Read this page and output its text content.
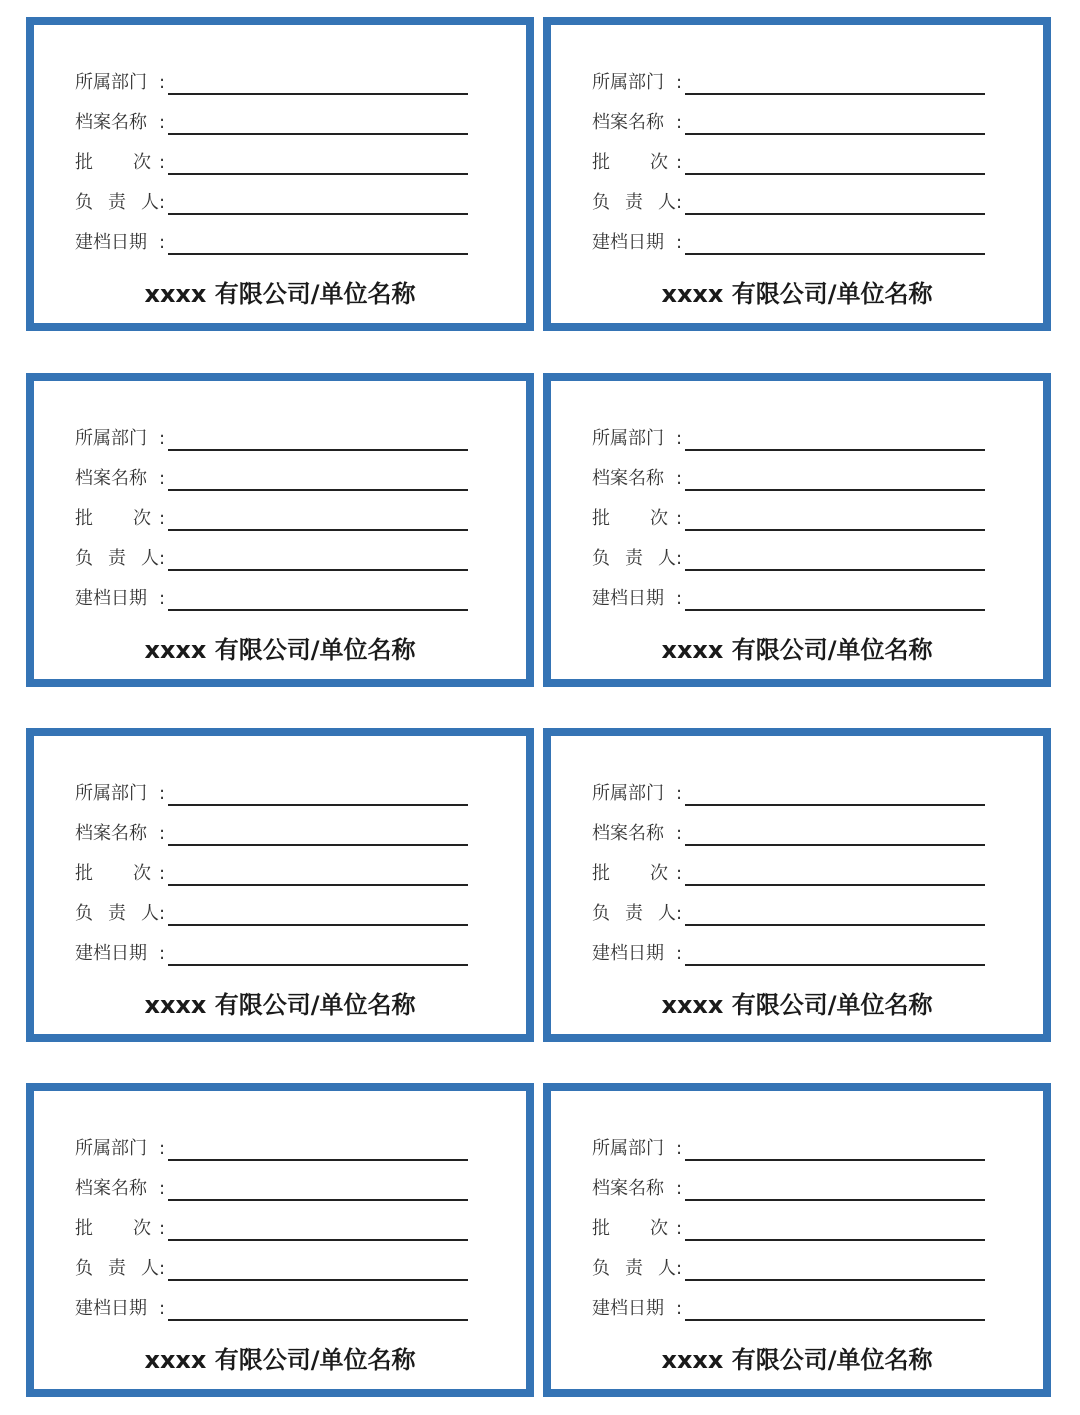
所属部门 :
档案名称 :
批 次 :
负 责 人 :
建档日期 :
xxxx 有限公司/单位名称
所属部门 :
档案名称 :
批 次 :
负 责 人 :
建档日期 :
xxxx 有限公司/单位名称
所属部门 :
档案名称 :
批 次 :
负 责 人 :
建档日期 :
xxxx 有限公司/单位名称
所属部门 :
档案名称 :
批 次 :
负 责 人 :
建档日期 :
xxxx 有限公司/单位名称
所属部门 :
档案名称 :
批 次 :
负 责 人 :
建档日期 :
xxxx 有限公司/单位名称
所属部门 :
档案名称 :
批 次 :
负 责 人 :
建档日期 :
xxxx 有限公司/单位名称
所属部门 :
档案名称 :
批 次 :
负 责 人 :
建档日期 :
xxxx 有限公司/单位名称
所属部门 :
档案名称 :
批 次 :
负 责 人 :
建档日期 :
xxxx 有限公司/单位名称
